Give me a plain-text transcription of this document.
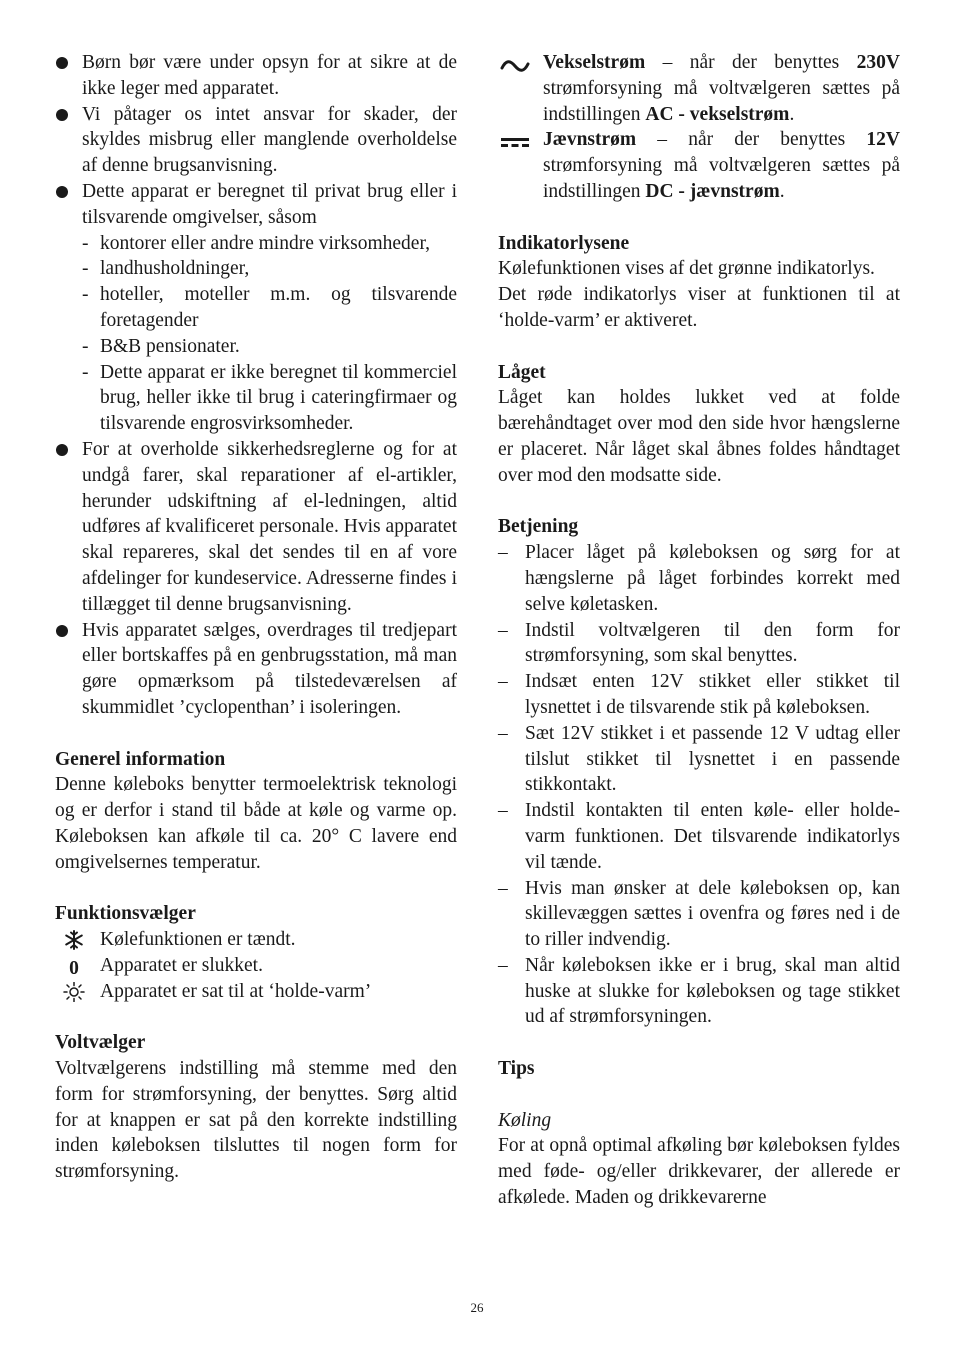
Børn bør være under opsyn for at sikre at de ikke leger med apparatet.

Vi påtager os intet ansvar for skader, der skyldes misbrug eller manglende overholdelse af denne brugsanvisning.

Dette apparat er beregnet til privat brug eller i tilsvarende omgivelser, såsom

- kontorer eller andre mindre virksomheder,

- landhusholdninger,

- hoteller, moteller m.m. og tilsvarende foretagender

- B&B pensionater.

- Dette apparat er ikke beregnet til kommerciel brug, heller ikke til brug i cateringfirmaer og tilsvarende engrosvirksomheder.

For at overholde sikkerhedsreglerne og for at undgå farer, skal reparationer af el-artikler, herunder udskiftning af el-ledningen, altid udføres af kvalificeret personale. Hvis apparatet skal repareres, skal det sendes til en af vore afdelinger for kundeservice. Adresserne findes i tillægget til denne brugsanvisning.

Hvis apparatet sælges, overdrages til tredjepart eller bortskaffes på en genbrugsstation, må man gøre opmærksom på tilstedeværelsen af skummidlet ’cyclopenthan’ i isoleringen.

Generel information

Denne køleboks benytter termoelektrisk teknologi og er derfor i stand til både at køle og varme op. Køleboksen kan afkøle til ca. 20° C lavere end omgivelsernes temperatur.

Funktionsvælger

Kølefunktionen er tændt.

0	Apparatet er slukket.

Apparatet er sat til at ‘holde-varm’

Voltvælger

Voltvælgerens indstilling må stemme med den form for strømforsyning, der benyttes. Sørg altid for at knappen er sat på den korrekte indstilling inden køleboksen tilsluttes til nogen form for strømforsyning.

Vekselstrøm – når der benyttes 230V strømforsyning må voltvælgeren sættes på indstillingen AC - vekselstrøm.

Jævnstrøm – når der benyttes 12V strømforsyning må voltvælgeren sættes på indstillingen DC - jævnstrøm.

Indikatorlysene

Kølefunktionen vises af det grønne indikatorlys.

Det røde indikatorlys viser at funktionen til at ‘holde-varm’ er aktiveret.

Låget

Låget kan holdes lukket ved at folde bærehåndtaget over mod den side hvor hængslerne er placeret. Når låget skal åbnes foldes håndtaget over mod den modsatte side.

Betjening

– Placer låget på køleboksen og sørg for at hængslerne på låget forbindes korrekt med selve køletasken.

– Indstil voltvælgeren til den form for strømforsyning, som skal benyttes.

– Indsæt enten 12V stikket eller stikket til lysnettet i de tilsvarende stik på køleboksen.

– Sæt 12V stikket i et passende 12 V udtag eller tilslut stikket til lysnettet i en passende stikkontakt.

– Indstil kontakten til enten køle- eller holde-varm funktionen. Det tilsvarende indikatorlys vil tænde.

– Hvis man ønsker at dele køleboksen op, kan skillevæggen sættes i ovenfra og føres ned i de to riller indvendig.

– Når køleboksen ikke er i brug, skal man altid huske at slukke for køleboksen og tage stikket ud af strømforsyningen.

Tips

Køling

For at opnå optimal afkøling bør køleboksen fyldes med føde- og/eller drikkevarer, der allerede er afkølede. Maden og drikkevarerne

26
